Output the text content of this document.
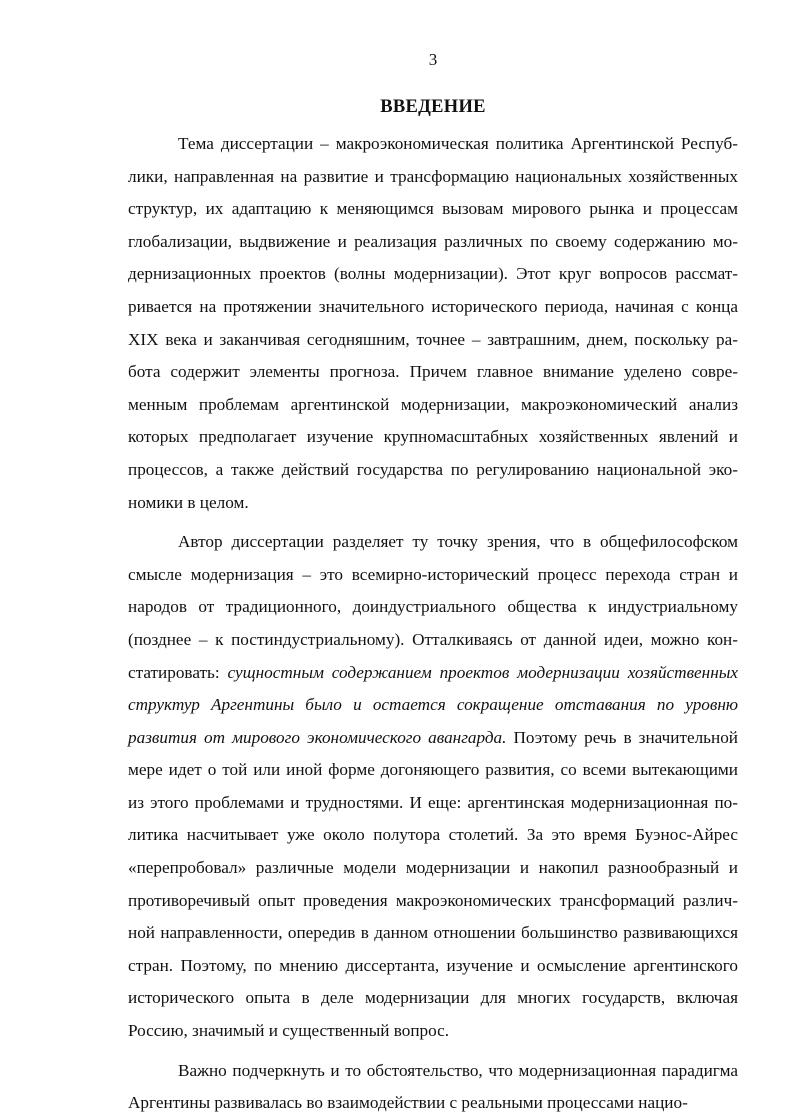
3
ВВЕДЕНИЕ

Тема диссертации – макроэкономическая политика Аргентинской Республики, направленная на развитие и трансформацию национальных хозяйственных структур, их адаптацию к меняющимся вызовам мирового рынка и процессам глобализации, выдвижение и реализация различных по своему содержанию модернизационных проектов (волны модернизации). Этот круг вопросов рассматривается на протяжении значительного исторического периода, начиная с конца XIX века и заканчивая сегодняшним, точнее – завтрашним, днем, поскольку работа содержит элементы прогноза. Причем главное внимание уделено современным проблемам аргентинской модернизации, макроэкономический анализ которых предполагает изучение крупномасштабных хозяйственных явлений и процессов, а также действий государства по регулированию национальной экономики в целом.

Автор диссертации разделяет ту точку зрения, что в общефилософском смысле модернизация – это всемирно-исторический процесс перехода стран и народов от традиционного, доиндустриального общества к индустриальному (позднее – к постиндустриальному). Отталкиваясь от данной идеи, можно констатировать: сущностным содержанием проектов модернизации хозяйственных структур Аргентины было и остается сокращение отставания по уровню развития от мирового экономического авангарда. Поэтому речь в значительной мере идет о той или иной форме догоняющего развития, со всеми вытекающими из этого проблемами и трудностями. И еще: аргентинская модернизационная политика насчитывает уже около полутора столетий. За это время Буэнос-Айрес «перепробовал» различные модели модернизации и накопил разнообразный и противоречивый опыт проведения макроэкономических трансформаций различной направленности, опередив в данном отношении большинство развивающихся стран. Поэтому, по мнению диссертанта, изучение и осмысление аргентинского исторического опыта в деле модернизации для многих государств, включая Россию, значимый и существенный вопрос.

Важно подчеркнуть и то обстоятельство, что модернизационная парадигма Аргентины развивалась во взаимодействии с реальными процессами нацио-
